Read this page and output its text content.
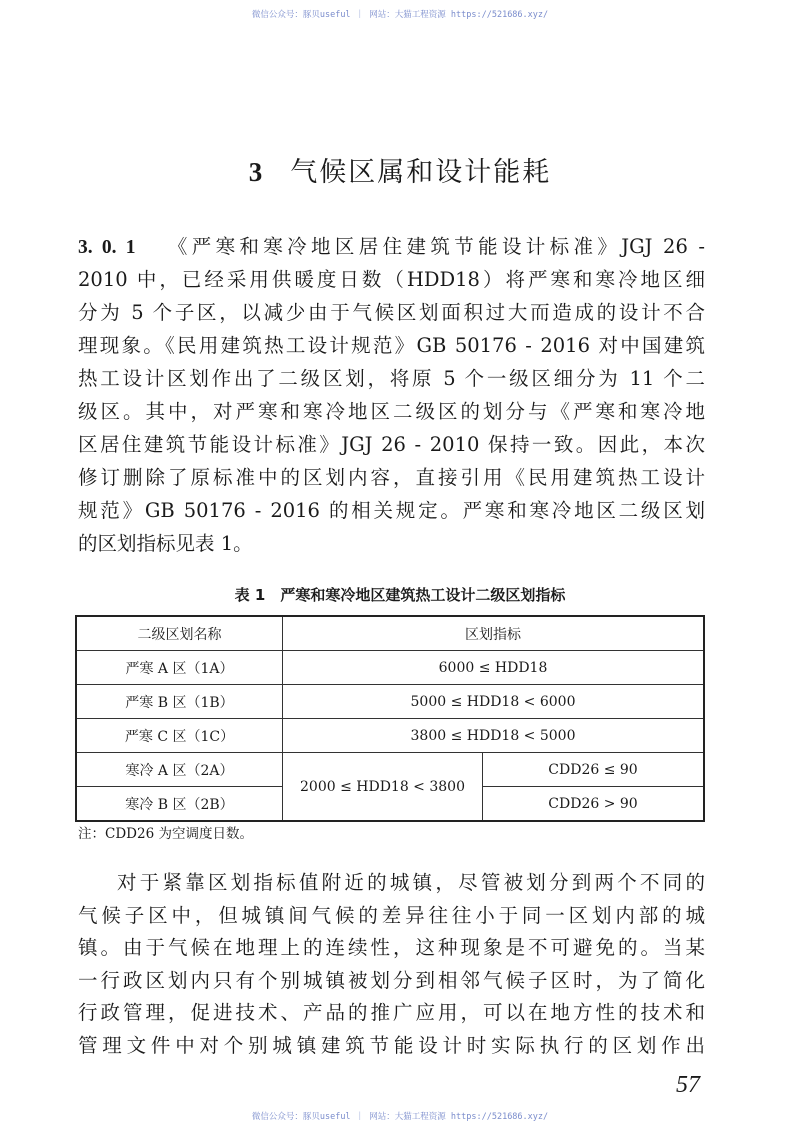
微信公众号：豚贝useful ｜ 网站：大猫工程资源 https://521686.xyz/
3 气候区属和设计能耗
3. 0. 1 《严寒和寒冷地区居住建筑节能设计标准》JGJ 26 -
2010 中，已经采用供暖度日数（HDD18）将严寒和寒冷地区细
分为 5 个子区，以减少由于气候区划面积过大而造成的设计不合
理现象。《民用建筑热工设计规范》GB 50176 - 2016 对中国建筑
热工设计区划作出了二级区划，将原 5 个一级区细分为 11 个二
级区。其中，对严寒和寒冷地区二级区的划分与《严寒和寒冷地
区居住建筑节能设计标准》JGJ 26 - 2010 保持一致。因此，本次
修订删除了原标准中的区划内容，直接引用《民用建筑热工设计
规范》GB 50176 - 2016 的相关规定。严寒和寒冷地区二级区划
的区划指标见表 1。
表 1　严寒和寒冷地区建筑热工设计二级区划指标
二级区划名称	区划指标	
严寒 A 区（1A）	6000 ≤ HDD18	
严寒 B 区（1B）	5000 ≤ HDD18 < 6000	
严寒 C 区（1C）	3800 ≤ HDD18 < 5000	
寒冷 A 区（2A）	2000 ≤ HDD18 < 3800	CDD26 ≤ 90
寒冷 B 区（2B）		CDD26 > 90
注：CDD26 为空调度日数。
对于紧靠区划指标值附近的城镇，尽管被划分到两个不同的
气候子区中，但城镇间气候的差异往往小于同一区划内部的城
镇。由于气候在地理上的连续性，这种现象是不可避免的。当某
一行政区划内只有个别城镇被划分到相邻气候子区时，为了简化
行政管理，促进技术、产品的推广应用，可以在地方性的技术和
管理文件中对个别城镇建筑节能设计时实际执行的区划作出
57
微信公众号：豚贝useful ｜ 网站：大猫工程资源 https://521686.xyz/
